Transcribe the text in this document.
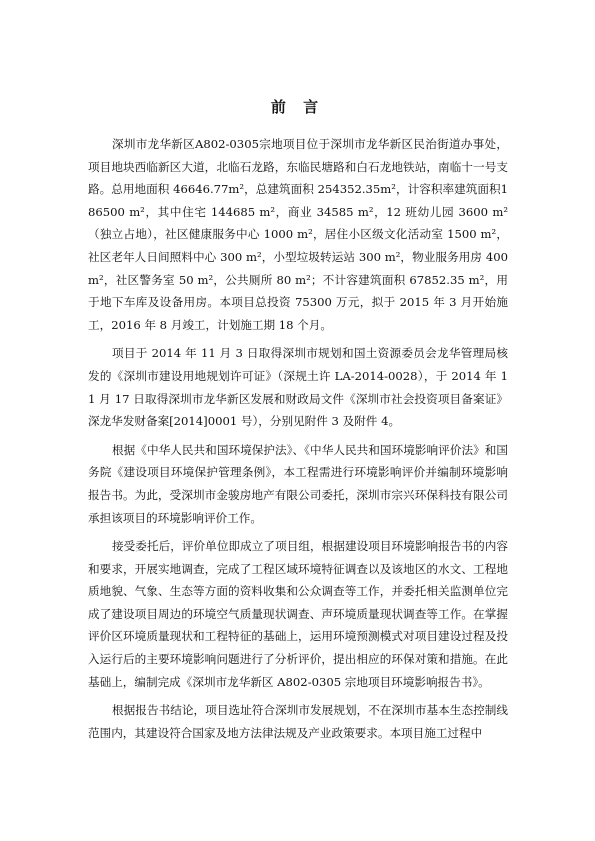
前 言

深圳市龙华新区A802-0305宗地项目位于深圳市龙华新区民治街道办事处，项目地块西临新区大道，北临石龙路，东临民塘路和白石龙地铁站，南临十一号支路。总用地面积 46646.77m²，总建筑面积 254352.35m²，计容积率建筑面积186500 m²，其中住宅 144685 m²，商业 34585 m²，12 班幼儿园 3600 m²（独立占地），社区健康服务中心 1000 m²，居住小区级文化活动室 1500 m²，社区老年人日间照料中心 300 m²，小型垃圾转运站 300 m²，物业服务用房 400 m²，社区警务室 50 m²，公共厕所 80 m²；不计容建筑面积 67852.35 m²，用于地下车库及设备用房。本项目总投资 75300 万元，拟于 2015 年 3 月开始施工，2016 年 8 月竣工，计划施工期 18 个月。

项目于 2014 年 11 月 3 日取得深圳市规划和国土资源委员会龙华管理局核发的《深圳市建设用地规划许可证》（深规土许 LA-2014-0028），于 2014 年 11 月 17 日取得深圳市龙华新区发展和财政局文件《深圳市社会投资项目备案证》深龙华发财备案[2014]0001 号），分别见附件 3 及附件 4。

根据《中华人民共和国环境保护法》、《中华人民共和国环境影响评价法》和国务院《建设项目环境保护管理条例》，本工程需进行环境影响评价并编制环境影响报告书。为此，受深圳市金骏房地产有限公司委托，深圳市宗兴环保科技有限公司承担该项目的环境影响评价工作。

接受委托后，评价单位即成立了项目组，根据建设项目环境影响报告书的内容和要求，开展实地调查，完成了工程区域环境特征调查以及该地区的水文、工程地质地貌、气象、生态等方面的资料收集和公众调查等工作，并委托相关监测单位完成了建设项目周边的环境空气质量现状调查、声环境质量现状调查等工作。在掌握评价区环境质量现状和工程特征的基础上，运用环境预测模式对项目建设过程及投入运行后的主要环境影响问题进行了分析评价，提出相应的环保对策和措施。在此基础上，编制完成《深圳市龙华新区 A802-0305 宗地项目环境影响报告书》。

根据报告书结论，项目选址符合深圳市发展规划，不在深圳市基本生态控制线范围内，其建设符合国家及地方法律法规及产业政策要求。本项目施工过程中
